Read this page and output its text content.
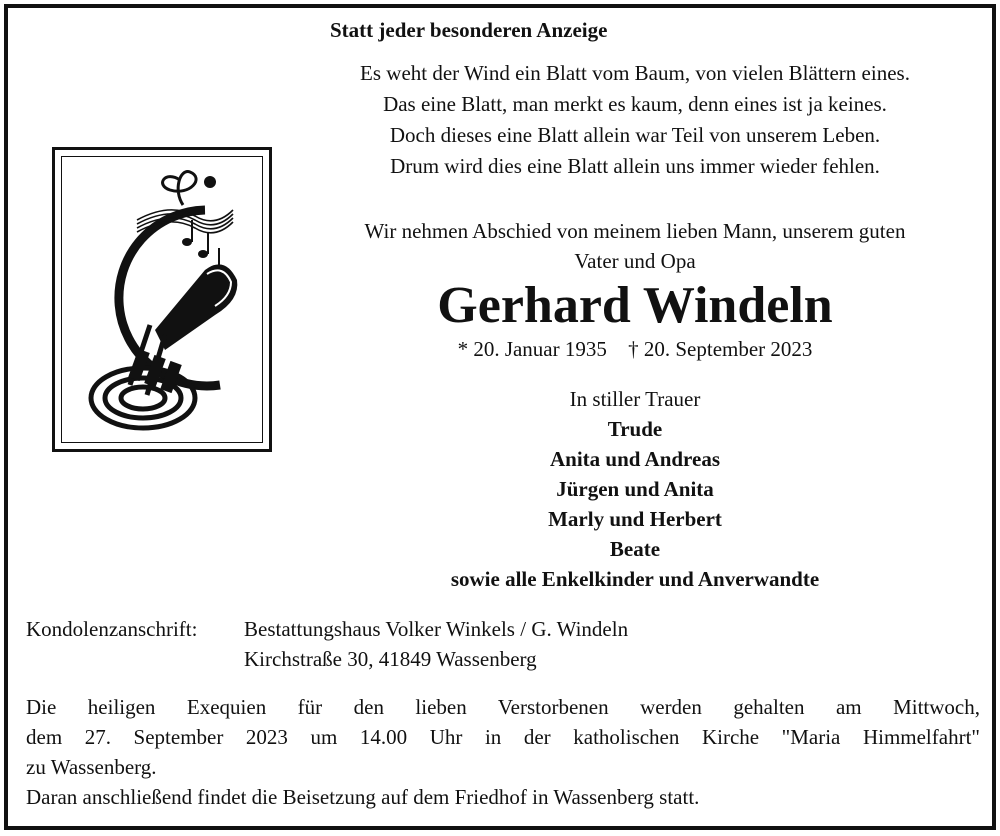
Statt jeder besonderen Anzeige
Es weht der Wind ein Blatt vom Baum, von vielen Blättern eines.
Das eine Blatt, man merkt es kaum, denn eines ist ja keines.
Doch dieses eine Blatt allein war Teil von unserem Leben.
Drum wird dies eine Blatt allein uns immer wieder fehlen.
Wir nehmen Abschied von meinem lieben Mann, unserem guten
Vater und Opa
Gerhard Windeln
* 20. Januar 1935 † 20. September 2023
In stiller Trauer
Trude
Anita und Andreas
Jürgen und Anita
Marly und Herbert
Beate
sowie alle Enkelkinder und Anverwandte
Kondolenzanschrift:	Bestattungshaus Volker Winkels / G. Windeln
Kirchstraße 30, 41849 Wassenberg
Die heiligen Exequien für den lieben Verstorbenen werden gehalten am Mittwoch,
dem 27. September 2023 um 14.00 Uhr in der katholischen Kirche "Maria Himmelfahrt"
zu Wassenberg.
Daran anschließend findet die Beisetzung auf dem Friedhof in Wassenberg statt.
